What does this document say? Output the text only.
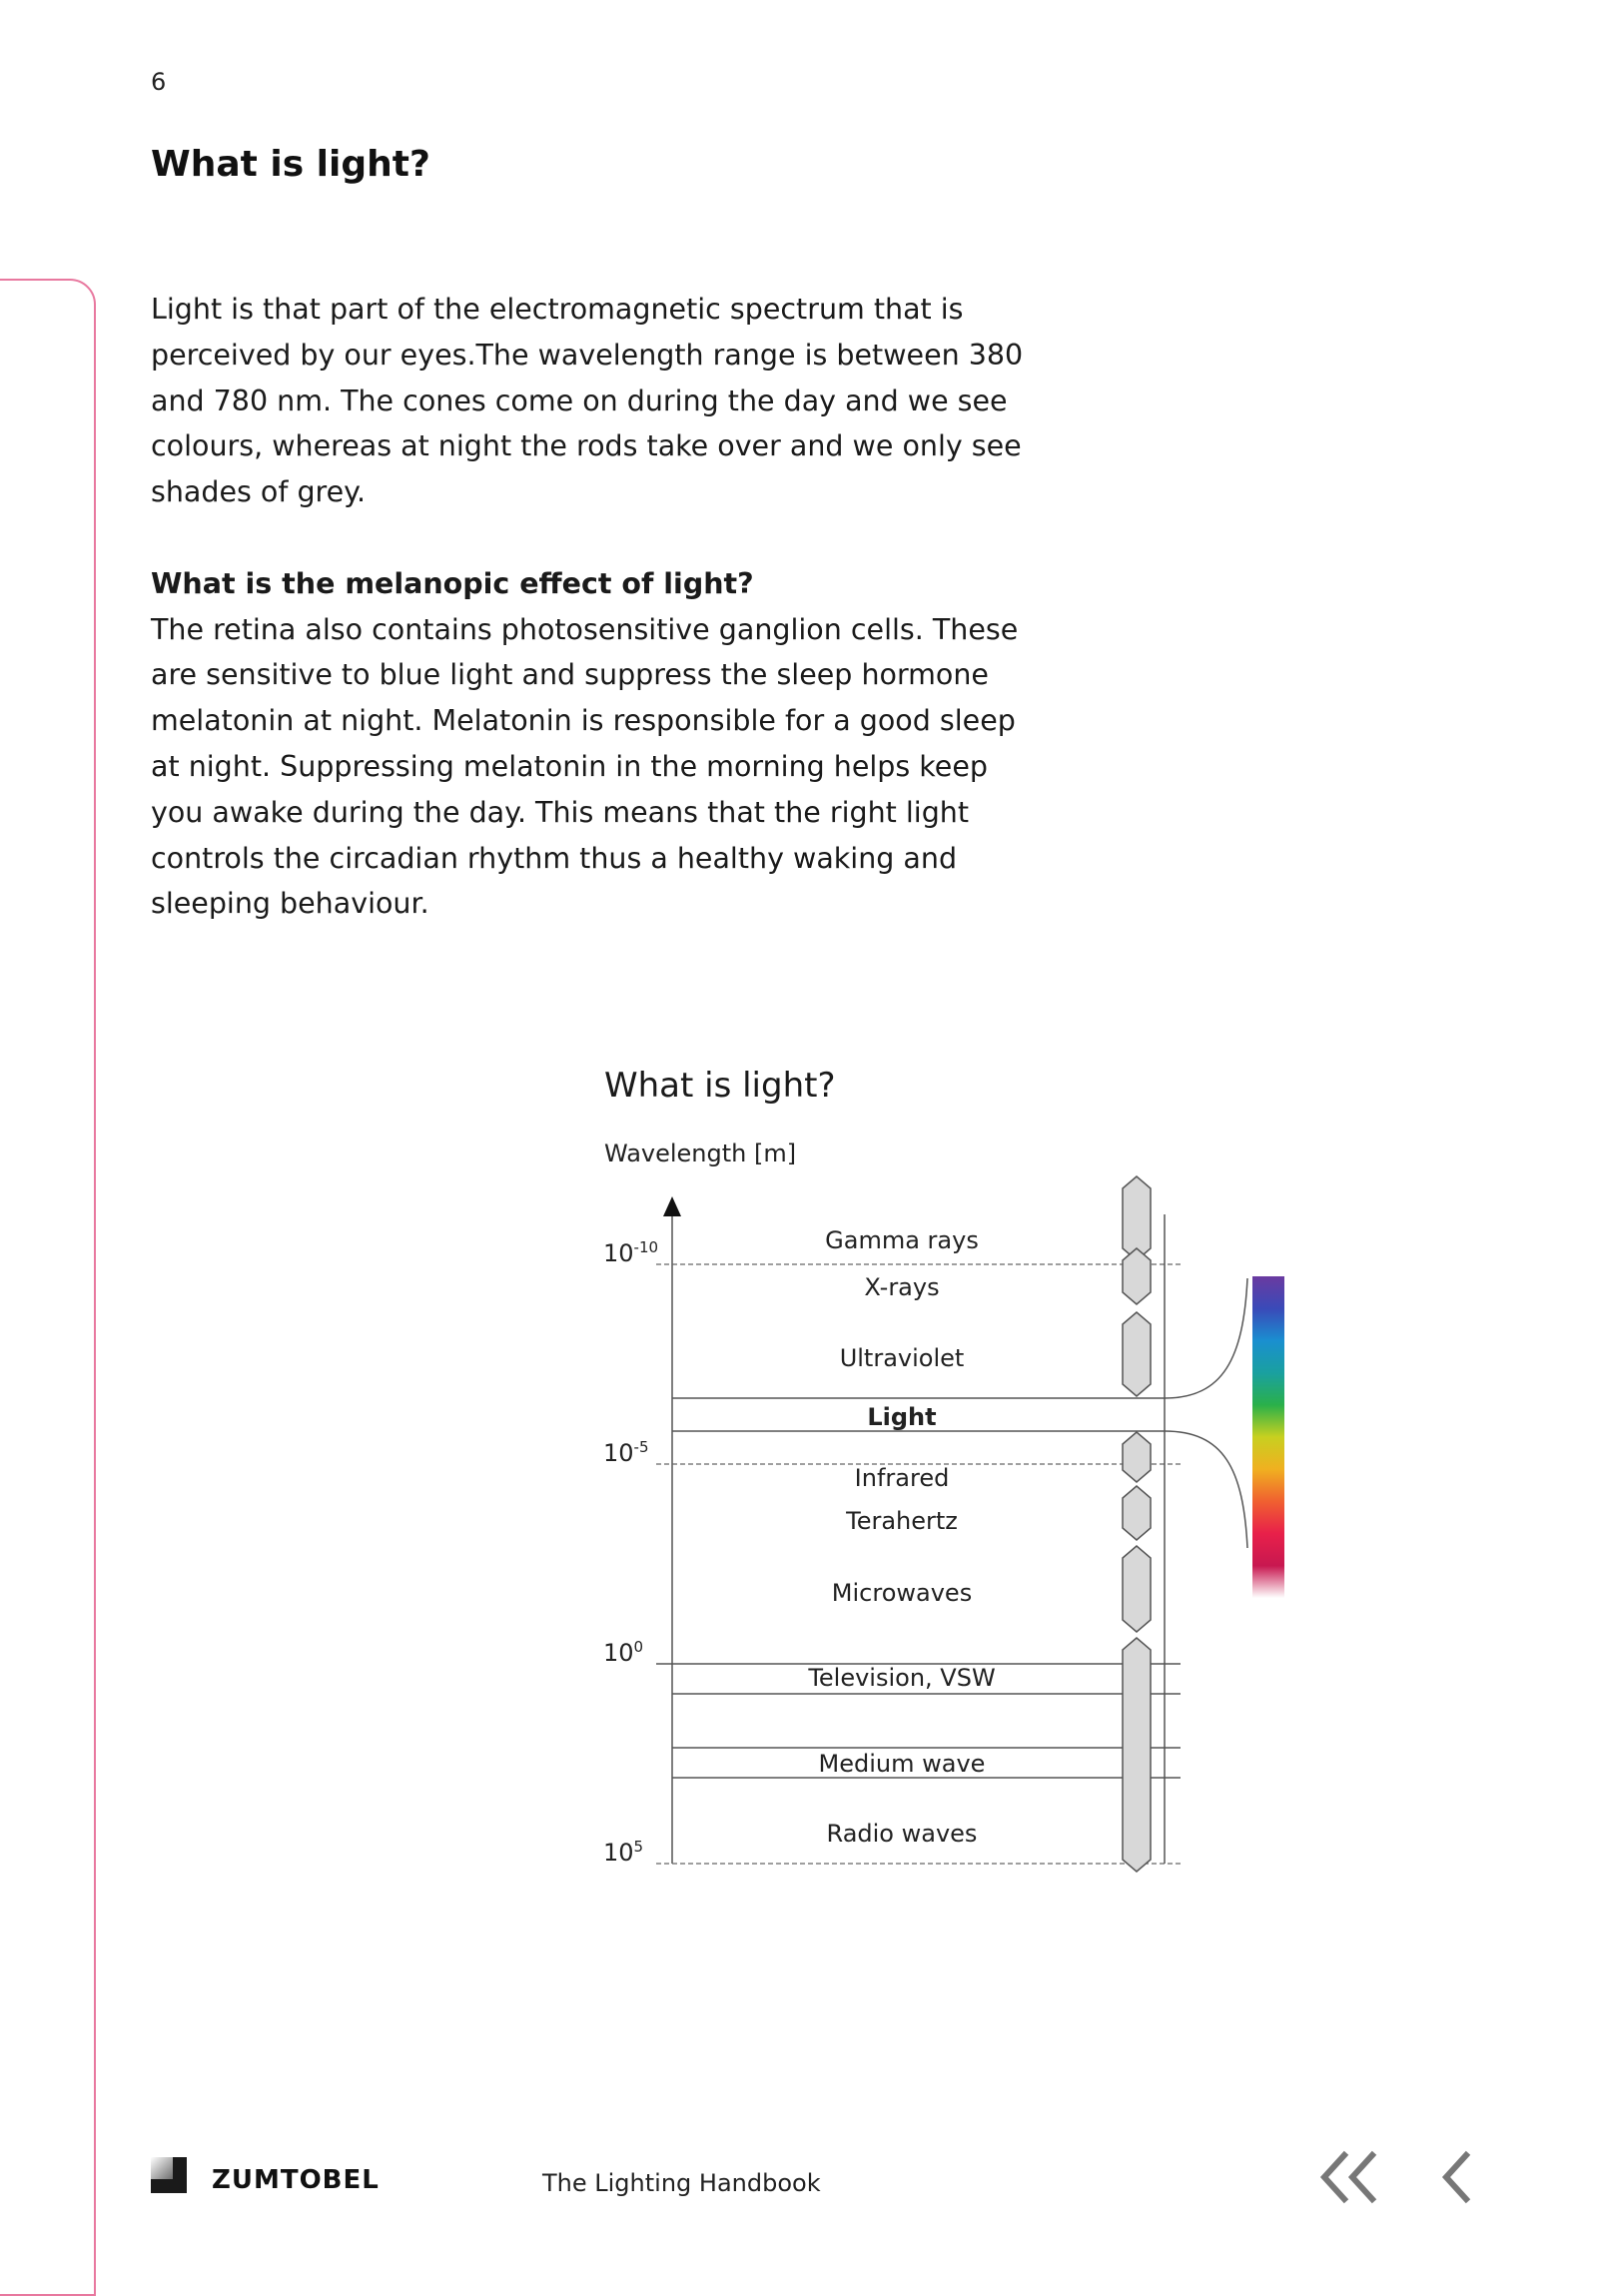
6
What is light?

Light is that part of the electromagnetic spectrum that is perceived by our eyes.The wavelength range is between 380 and 780 nm. The cones come on during the day and we see colours, whereas at night the rods take over and we only see shades of grey.

What is the melanopic effect of light?

The retina also contains photosensitive ganglion cells. These are sensitive to blue light and suppress the sleep hormone melatonin at night. Melatonin is responsible for a good sleep at night. Suppressing melatonin in the morning helps keep you awake during the day. This means that the right light controls the circadian rhythm thus a healthy waking and sleeping behaviour.

What is light?
Wavelength [m]
$10^{-10}$
$10^{-5}$
$10^0$
$10^5$
Gamma rays
X-rays
Ultraviolet
Light
Infrared
Terahertz
Microwaves
Television, VSW
Medium wave
Radio waves
ZUMTOBEL	The Lighting Handbook
